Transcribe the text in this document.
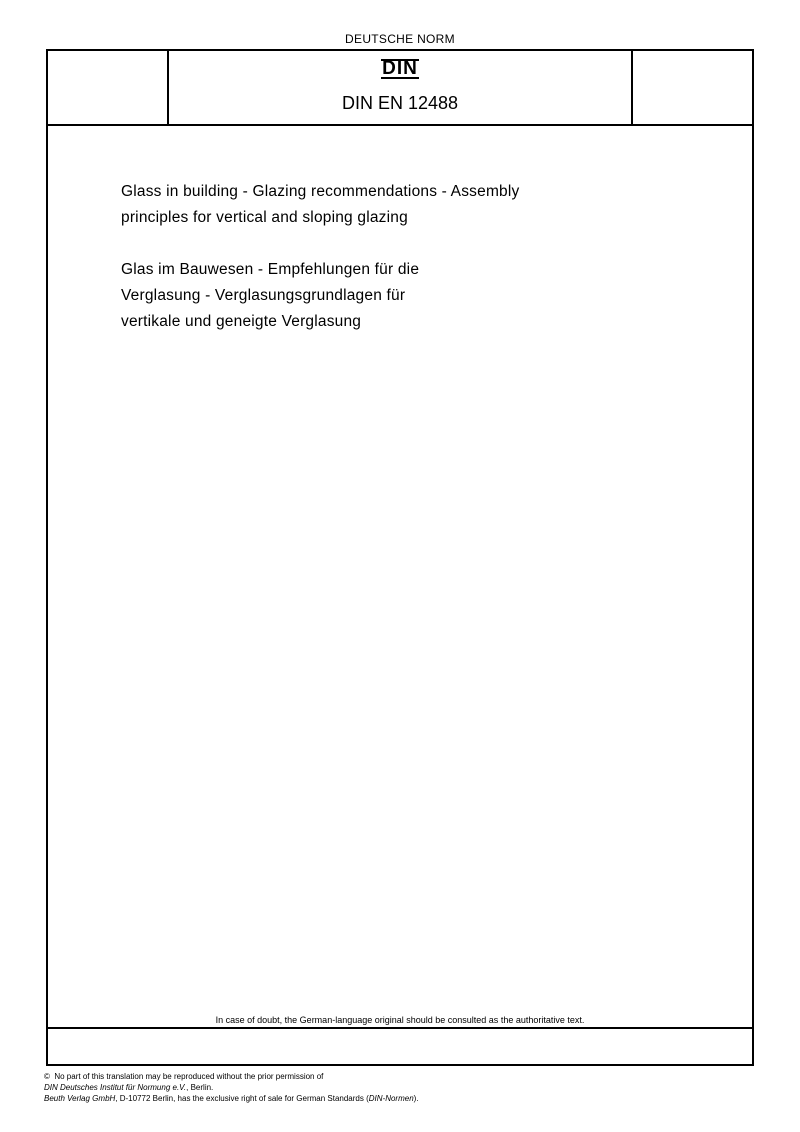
DEUTSCHE NORM
DIN
DIN EN 12488
Glass in building - Glazing recommendations - Assembly
principles for vertical and sloping glazing
Glas im Bauwesen - Empfehlungen für die
Verglasung - Verglasungsgrundlagen für
vertikale und geneigte Verglasung
In case of doubt, the German-language original should be consulted as the authoritative text.
© No part of this translation may be reproduced without the prior permission of
DIN Deutsches Institut für Normung e.V., Berlin.
Beuth Verlag GmbH, D-10772 Berlin, has the exclusive right of sale for German Standards (DIN-Normen).
